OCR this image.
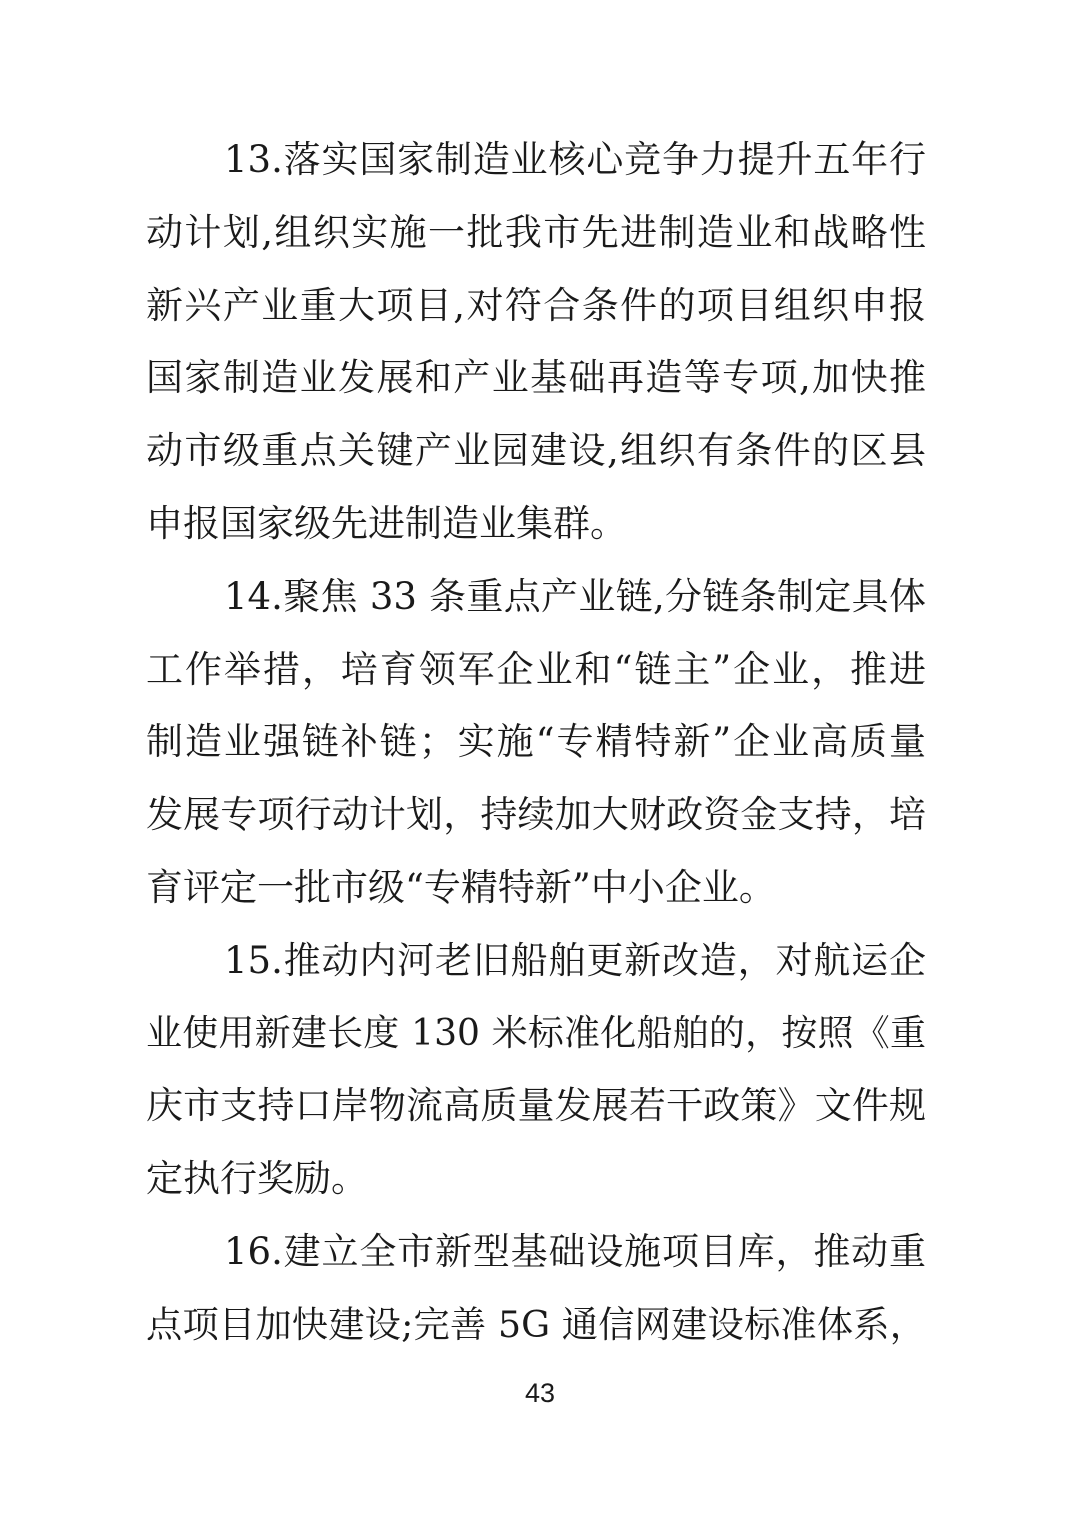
13.落实国家制造业核心竞争力提升五年行
动计划,组织实施一批我市先进制造业和战略性
新兴产业重大项目,对符合条件的项目组织申报
国家制造业发展和产业基础再造等专项,加快推
动市级重点关键产业园建设,组织有条件的区县
申报国家级先进制造业集群。
14.聚焦 33 条重点产业链,分链条制定具体
工作举措，培育领军企业和“链主”企业，推进
制造业强链补链；实施“专精特新”企业高质量
发展专项行动计划，持续加大财政资金支持，培
育评定一批市级“专精特新”中小企业。
15.推动内河老旧船舶更新改造，对航运企
业使用新建长度 130 米标准化船舶的，按照《重
庆市支持口岸物流高质量发展若干政策》文件规
定执行奖励。
16.建立全市新型基础设施项目库，推动重
点项目加快建设;完善 5G 通信网建设标准体系，
43
